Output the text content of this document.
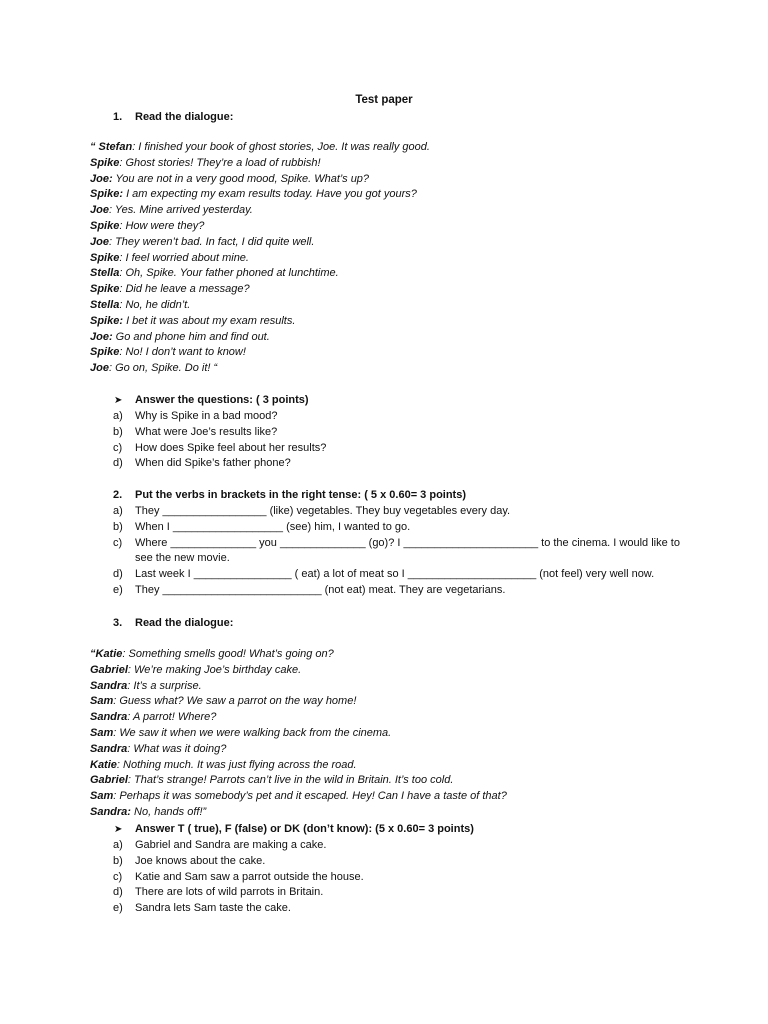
Test paper
1. Read the dialogue:
“ Stefan: I finished your book of ghost stories, Joe. It was really good.
Spike: Ghost stories! They’re a load of rubbish!
Joe: You are not in a very good mood, Spike. What’s up?
Spike: I am expecting my exam results today. Have you got yours?
Joe: Yes. Mine arrived yesterday.
Spike: How were they?
Joe: They weren’t bad. In fact, I did quite well.
Spike: I feel worried about mine.
Stella: Oh, Spike. Your father phoned at lunchtime.
Spike: Did he leave a message?
Stella: No, he didn’t.
Spike: I bet it was about my exam results.
Joe: Go and phone him and find out.
Spike: No! I don’t want to know!
Joe: Go on, Spike. Do it! “
➤ Answer the questions: ( 3 points)
a) Why is Spike in a bad mood?
b) What were Joe’s results like?
c) How does Spike feel about her results?
d) When did Spike’s father phone?
2. Put the verbs in brackets in the right tense: ( 5 x 0.60= 3 points)
a) They _________________ (like) vegetables. They buy vegetables every day.
b) When I __________________ (see) him, I wanted to go.
c) Where ______________ you ______________ (go)? I ______________________ to the cinema. I would like to see the new movie.
d) Last week I ________________ ( eat) a lot of meat so I _____________________ (not feel) very well now.
e) They __________________________ (not eat) meat. They are vegetarians.
3. Read the dialogue:
“Katie: Something smells good! What’s going on?
Gabriel: We’re making Joe’s birthday cake.
Sandra: It’s a surprise.
Sam: Guess what? We saw a parrot on the way home!
Sandra: A parrot! Where?
Sam: We saw it when we were walking back from the cinema.
Sandra: What was it doing?
Katie: Nothing much. It was just flying across the road.
Gabriel: That’s strange! Parrots can’t live in the wild in Britain. It’s too cold.
Sam: Perhaps it was somebody’s pet and it escaped. Hey! Can I have a taste of that?
Sandra: No, hands off!”
➤ Answer T ( true), F (false) or DK (don’t know): (5 x 0.60= 3 points)
a) Gabriel and Sandra are making a cake.
b) Joe knows about the cake.
c) Katie and Sam saw a parrot outside the house.
d) There are lots of wild parrots in Britain.
e) Sandra lets Sam taste the cake.
